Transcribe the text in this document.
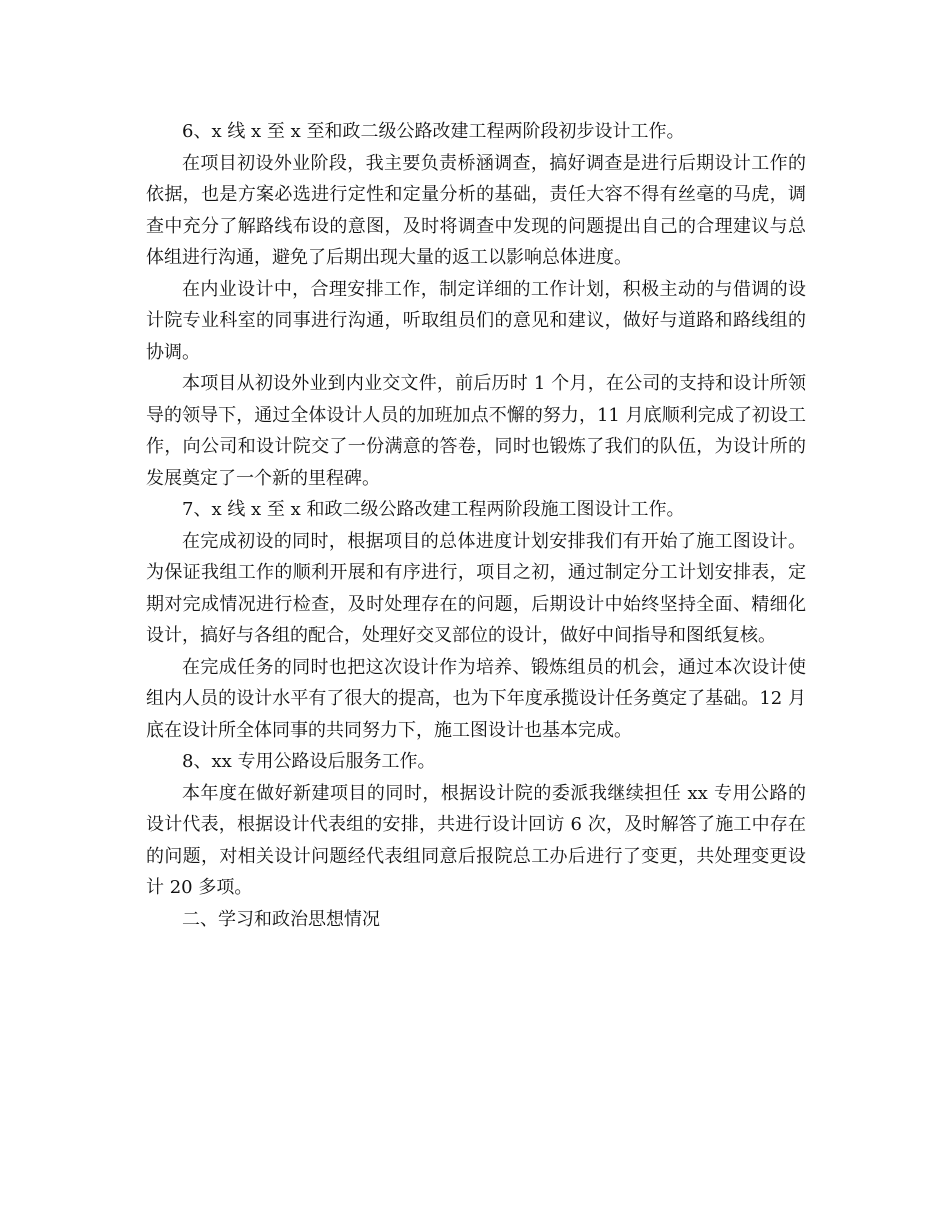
6、x 线 x 至 x 至和政二级公路改建工程两阶段初步设计工作。

在项目初设外业阶段，我主要负责桥涵调查，搞好调查是进行后期设计工作的依据，也是方案必选进行定性和定量分析的基础，责任大容不得有丝毫的马虎，调查中充分了解路线布设的意图，及时将调查中发现的问题提出自己的合理建议与总体组进行沟通，避免了后期出现大量的返工以影响总体进度。

在内业设计中，合理安排工作，制定详细的工作计划，积极主动的与借调的设计院专业科室的同事进行沟通，听取组员们的意见和建议，做好与道路和路线组的协调。

本项目从初设外业到内业交文件，前后历时 1 个月，在公司的支持和设计所领导的领导下，通过全体设计人员的加班加点不懈的努力，11 月底顺利完成了初设工作，向公司和设计院交了一份满意的答卷，同时也锻炼了我们的队伍，为设计所的发展奠定了一个新的里程碑。

7、x 线 x 至 x 和政二级公路改建工程两阶段施工图设计工作。

在完成初设的同时，根据项目的总体进度计划安排我们有开始了施工图设计。为保证我组工作的顺利开展和有序进行，项目之初，通过制定分工计划安排表，定期对完成情况进行检查，及时处理存在的问题，后期设计中始终坚持全面、精细化设计，搞好与各组的配合，处理好交叉部位的设计，做好中间指导和图纸复核。

在完成任务的同时也把这次设计作为培养、锻炼组员的机会，通过本次设计使组内人员的设计水平有了很大的提高，也为下年度承揽设计任务奠定了基础。12 月底在设计所全体同事的共同努力下，施工图设计也基本完成。

8、xx 专用公路设后服务工作。

本年度在做好新建项目的同时，根据设计院的委派我继续担任 xx 专用公路的设计代表，根据设计代表组的安排，共进行设计回访 6 次，及时解答了施工中存在的问题，对相关设计问题经代表组同意后报院总工办后进行了变更，共处理变更设计 20 多项。

二、学习和政治思想情况
